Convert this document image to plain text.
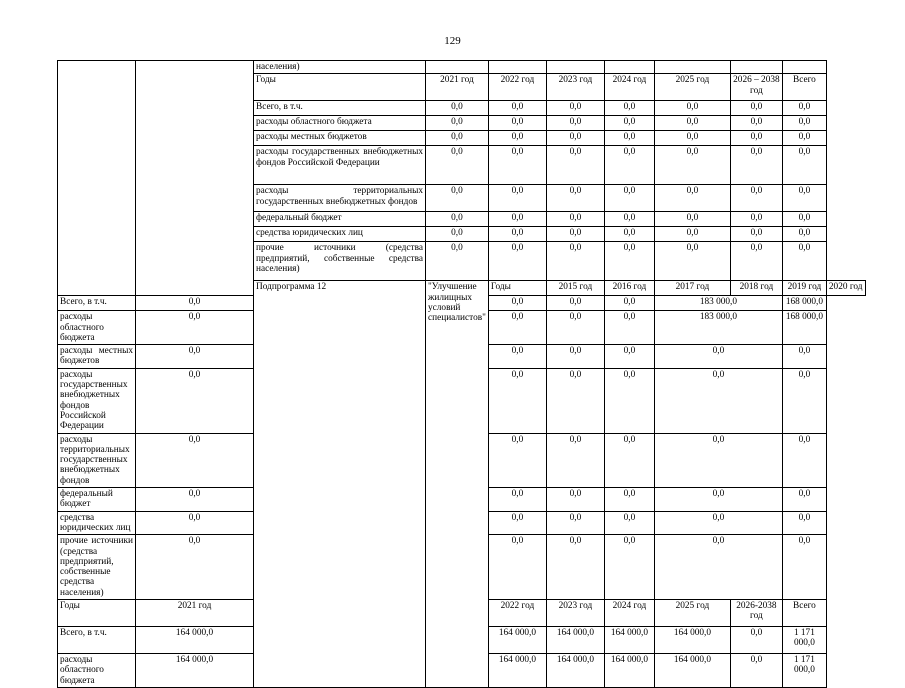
129
		населения)								
		Годы	2021 год	2022 год	2023 год	2024 год	2025 год	2026 – 2038 год	Всего	
		Всего, в т.ч.	0,0	0,0	0,0	0,0	0,0	0,0	0,0	
		расходы областного бюджета	0,0	0,0	0,0	0,0	0,0	0,0	0,0	
		расходы местных бюджетов	0,0	0,0	0,0	0,0	0,0	0,0	0,0	
		расходы государственных внебюджетных фондов Российской Федерации	0,0	0,0	0,0	0,0	0,0	0,0	0,0	
		расходы территориальных государственных внебюджетных фондов	0,0	0,0	0,0	0,0	0,0	0,0	0,0	
		федеральный бюджет	0,0	0,0	0,0	0,0	0,0	0,0	0,0	
		средства юридических лиц	0,0	0,0	0,0	0,0	0,0	0,0	0,0	
		прочие источники (средства предприятий, собственные средства населения)	0,0	0,0	0,0	0,0	0,0	0,0	0,0	
		Подпрограмма 12	"Улучшение жилищных условий специалистов"	Годы	2015 год	2016 год	2017 год	2018 год	2019 год	2020 год
Всего, в т.ч.	0,0			0,0	0,0	0,0	183 000,0		168 000,0	
расходы областного бюджета	0,0			0,0	0,0	0,0	183 000,0		168 000,0	
расходы местных бюджетов	0,0			0,0	0,0	0,0	0,0		0,0	
расходы государственных внебюджетных фондов Российской Федерации	0,0			0,0	0,0	0,0	0,0		0,0	
расходы территориальных государственных внебюджетных фондов	0,0			0,0	0,0	0,0	0,0		0,0	
федеральный бюджет	0,0			0,0	0,0	0,0	0,0		0,0	
средства юридических лиц	0,0			0,0	0,0	0,0	0,0		0,0	
прочие источники (средства предприятий, собственные средства населения)	0,0			0,0	0,0	0,0	0,0		0,0	
Годы	2021 год			2022 год	2023 год	2024 год	2025 год	2026-2038 год	Всего	
Всего, в т.ч.	164 000,0			164 000,0	164 000,0	164 000,0	164 000,0	0,0	1 171 000,0	
расходы областного бюджета	164 000,0			164 000,0	164 000,0	164 000,0	164 000,0	0,0	1 171 000,0	
